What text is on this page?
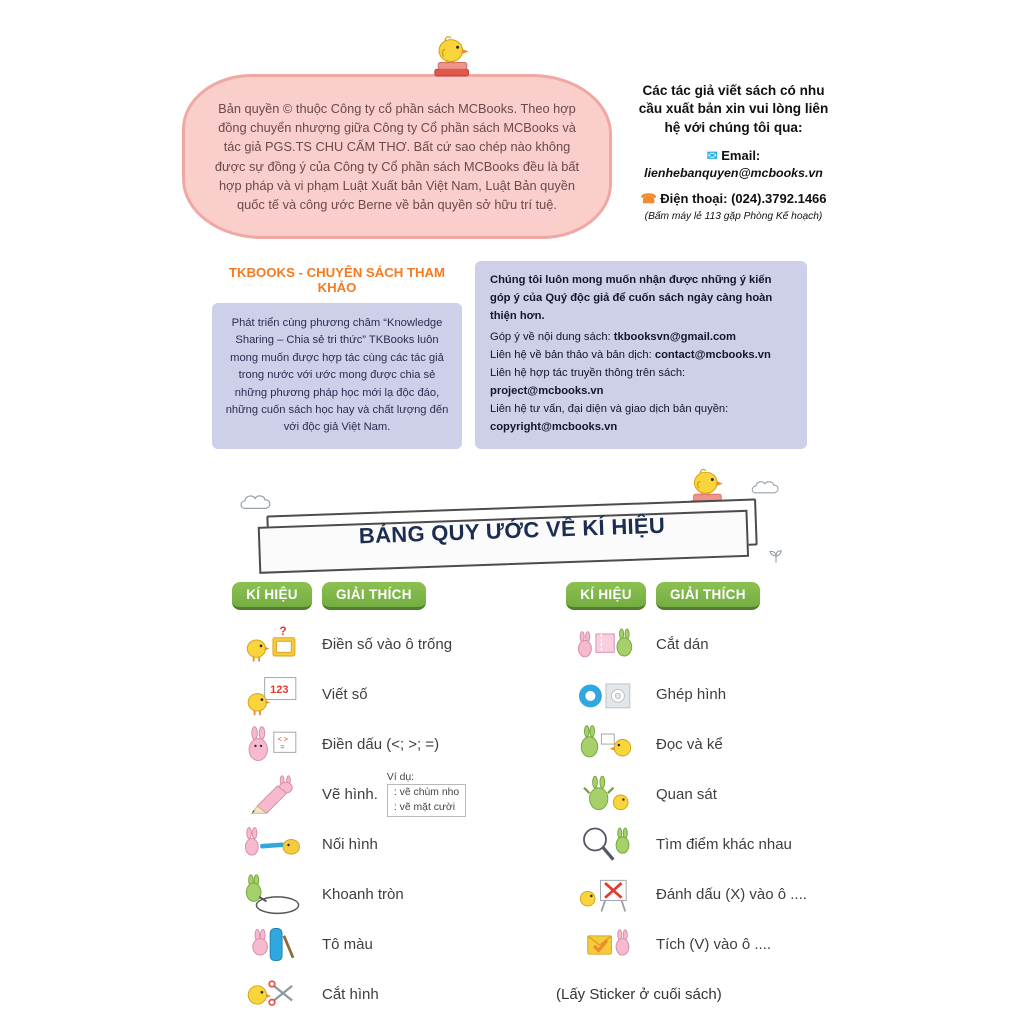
Bản quyền © thuộc Công ty cổ phần sách MCBooks. Theo hợp đồng chuyển nhượng giữa Công ty Cổ phần sách MCBooks và tác giả PGS.TS CHU CẨM THƠ. Bất cứ sao chép nào không được sự đồng ý của Công ty Cổ phần sách MCBooks đều là bất hợp pháp và vi phạm Luật Xuất bản Việt Nam, Luật Bản quyền quốc tế và công ước Berne về bản quyền sở hữu trí tuệ.
Các tác giả viết sách có nhu cầu xuất bản xin vui lòng liên hệ với chúng tôi qua:
✉ Email:
lienhebanquyen@mcbooks.vn
☎ Điện thoại: (024).3792.1466
(Bấm máy lẻ 113 gặp Phòng Kế hoạch)
TKBOOKS - CHUYÊN SÁCH THAM KHẢO
Phát triển cùng phương châm “Knowledge Sharing – Chia sẻ tri thức” TKBooks luôn mong muốn được hợp tác cùng các tác giả trong nước với ước mong được chia sẻ những phương pháp học mới lạ độc đáo, những cuốn sách học hay và chất lượng đến với độc giả Việt Nam.
Chúng tôi luôn mong muốn nhận được những ý kiến góp ý của Quý độc giả để cuốn sách ngày càng hoàn thiện hơn.
Góp ý về nội dung sách: tkbooksvn@gmail.com
Liên hệ về bản thảo và bản dịch: contact@mcbooks.vn
Liên hệ hợp tác truyền thông trên sách: project@mcbooks.vn
Liên hệ tư vấn, đại diện và giao dịch bản quyền: copyright@mcbooks.vn
BẢNG QUY ƯỚC VỀ KÍ HIỆU
KÍ HIỆU	GIẢI THÍCH
?
Điền số vào ô trống
123 Viết số
< >
= Điền dấu (<; >; =)
Vẽ hình.
Ví dụ:
: vẽ chùm nho
: vẽ mặt cười
Nối hình
Khoanh tròn
Tô màu
Cắt hình
KÍ HIỆU	GIẢI THÍCH
Cắt dán
Ghép hình
Đọc và kể
Quan sát
Tìm điểm khác nhau
Đánh dấu (X) vào ô ....
Tích (V) vào ô ....
(Lấy Sticker ở cuối sách)
